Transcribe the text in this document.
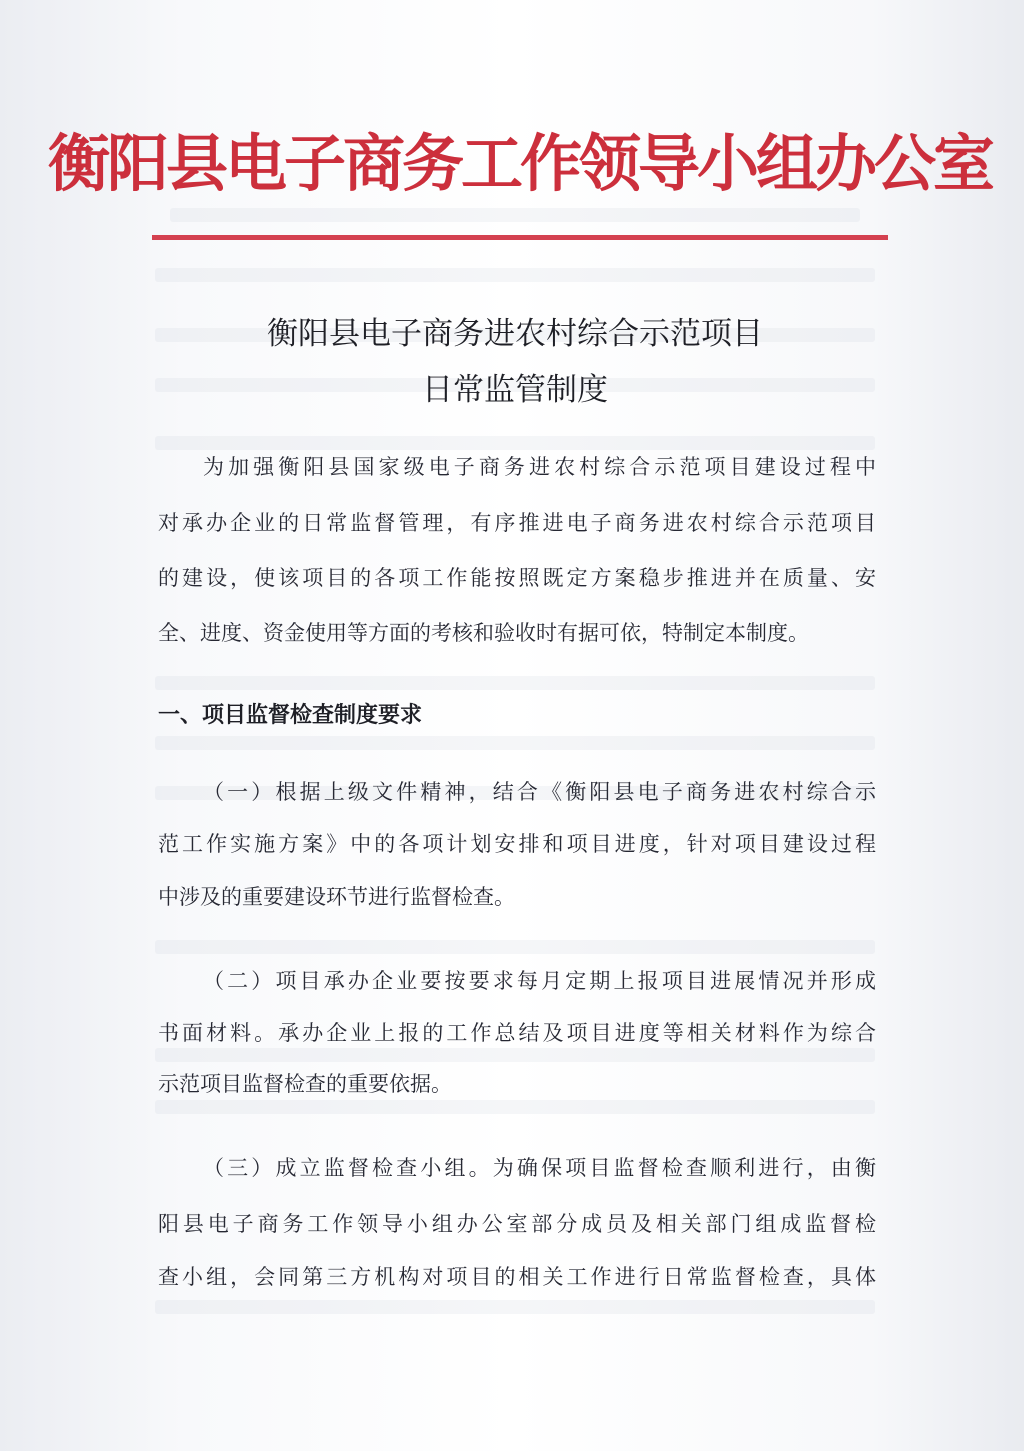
衡阳县电子商务工作领导小组办公室
衡阳县电子商务进农村综合示范项目
日常监管制度
为加强衡阳县国家级电子商务进农村综合示范项目建设过程中
对承办企业的日常监督管理，有序推进电子商务进农村综合示范项目
的建设，使该项目的各项工作能按照既定方案稳步推进并在质量、安
全、进度、资金使用等方面的考核和验收时有据可依，特制定本制度。
一、项目监督检查制度要求
（一）根据上级文件精神，结合《衡阳县电子商务进农村综合示
范工作实施方案》中的各项计划安排和项目进度，针对项目建设过程
中涉及的重要建设环节进行监督检查。
（二）项目承办企业要按要求每月定期上报项目进展情况并形成
书面材料。承办企业上报的工作总结及项目进度等相关材料作为综合
示范项目监督检查的重要依据。
（三）成立监督检查小组。为确保项目监督检查顺利进行，由衡
阳县电子商务工作领导小组办公室部分成员及相关部门组成监督检
查小组，会同第三方机构对项目的相关工作进行日常监督检查，具体
